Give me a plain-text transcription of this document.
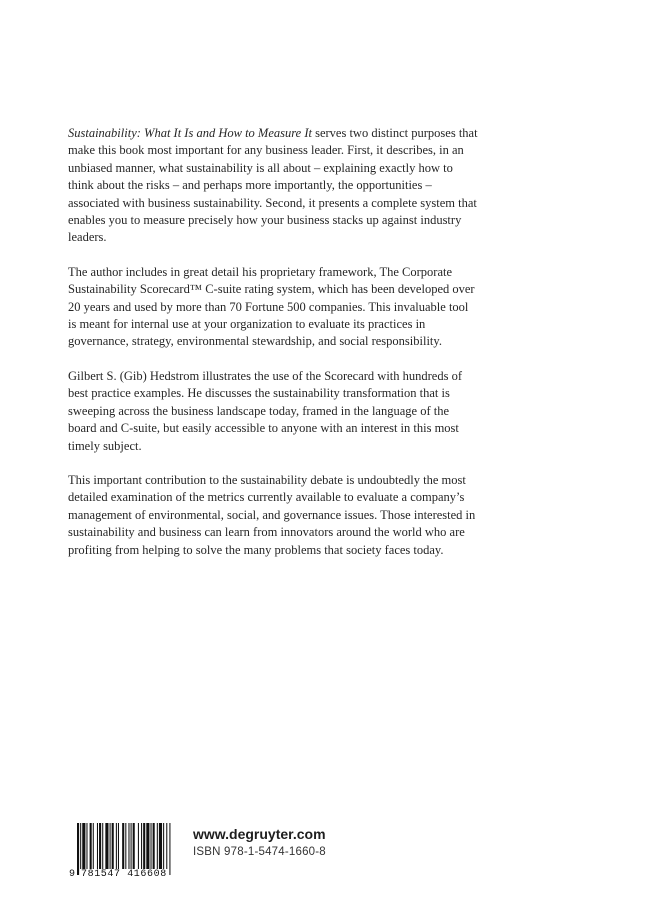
Sustainability: What It Is and How to Measure It serves two distinct purposes that make this book most important for any business leader. First, it describes, in an unbiased manner, what sustainability is all about – explaining exactly how to think about the risks – and perhaps more importantly, the opportunities – associated with business sustainability. Second, it presents a complete system that enables you to measure precisely how your business stacks up against industry leaders.

The author includes in great detail his proprietary framework, The Corporate Sustainability Scorecard™ C-suite rating system, which has been developed over 20 years and used by more than 70 Fortune 500 companies. This invaluable tool is meant for internal use at your organization to evaluate its practices in governance, strategy, environmental stewardship, and social responsibility.

Gilbert S. (Gib) Hedstrom illustrates the use of the Scorecard with hundreds of best practice examples. He discusses the sustainability transformation that is sweeping across the business landscape today, framed in the language of the board and C-suite, but easily accessible to anyone with an interest in this most timely subject.

This important contribution to the sustainability debate is undoubtedly the most detailed examination of the metrics currently available to evaluate a company’s management of environmental, social, and governance issues. Those interested in sustainability and business can learn from innovators around the world who are profiting from helping to solve the many problems that society faces today.

9 781547 416608
www.degruyter.com
ISBN 978-1-5474-1660-8
